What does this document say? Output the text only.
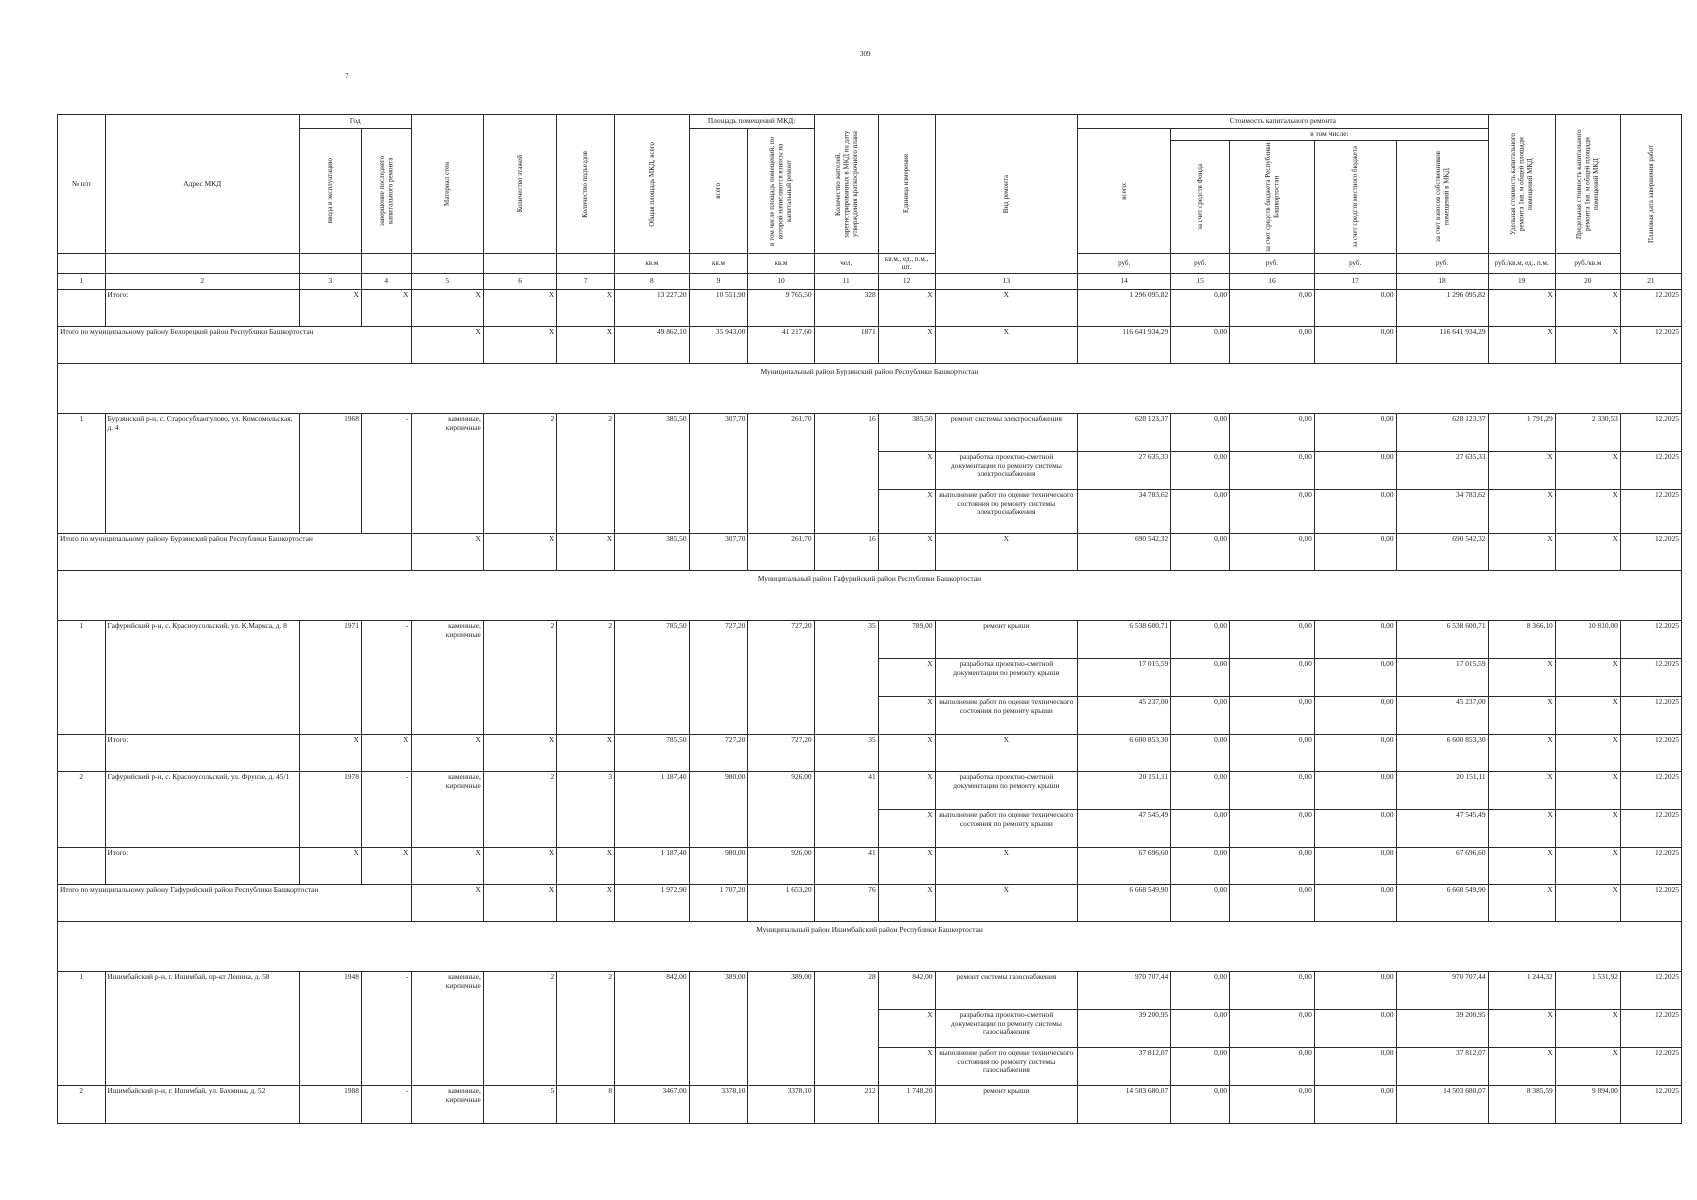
309
7
№ п/п	Адрес МКД	Год		Материал стен	Количество этажей	Количество подъездов	Общая площадь МКД, всего	Площадь помещений МКД:		Количество жителей, зарегистрированных в МКД на дату утверждения краткосрочного плана	Единица измерения	Вид ремонта	Стоимость капитального ремонта					Удельная стоимость капитального ремонта 1кв. м общей площади помещений МКД	Предельная стоимость капитального ремонта 1кв. м общей площади помещений МКД	Плановая дата завершения работ

		ввода в эксплуатацию	завершение последнего капитального ремонта					всего	в том числе площадь помещений, по которой начисляются взносы на капитальный ремонт				всего:	в том числе:						

														за счет средств Фонда	за счет средств бюджета Республики Башкортостан	за счет средств местного бюджета	за счет взносов собственников помещений в МКД			

							кв.м	кв.м	кв.м	чел.	кв.м., ед., п.м., шт.		руб.	руб.	руб.	руб.	руб.	руб./кв.м, ед., п.м.	руб./кв.м	
1	2	3	4	5	6	7	8	9	10	11	12	13	14	15	16	17	18	19	20	21
	Итого:	X	X	X	X	X	13 227,20	10 551,90	9 765,50	328	X	X	1 296 095,82	0,00	0,00	0,00	1 296 095,82	X	X	12.2025
Итого по муниципальному району Белорецкий район Республики Башкортостан				X	X	X	49 862,10	35 943,00	41 217,60	1871	X	X	116 641 934,29	0,00	0,00	0,00	116 641 934,29	X	X	12.2025
Муниципальный район Бурзянский район Республики Башкортостан																				
1	Бурзянский р-н, с. Старосубхангулово, ул. Комсомольская, д. 4	1968	-	каменные, кирпичные	2	2	385,50	307,70	261,70	16	385,50	ремонт системы электроснабжения	628 123,37	0,00	0,00	0,00	628 123,37	1 791,29	2 330,53	12.2025
											X	разработка проектно-сметной документации по ремонту системы электроснабжения	27 635,33	0,00	0,00	0,00	27 635,33	X	X	12.2025
											X	выполнение работ по оценке технического состояния по ремонту системы электроснабжения	34 783,62	0,00	0,00	0,00	34 783,62	X	X	12.2025
Итого по муниципальному району Бурзянский район Республики Башкортостан				X	X	X	385,50	307,70	261,70	16	X	X	690 542,32	0,00	0,00	0,00	690 542,32	X	X	12.2025
Муниципальный район Гафурийский район Республики Башкортостан																				
1	Гафурийский р-н, с. Красноусольский, ул. К.Маркса, д. 8	1971	-	каменные, кирпичные	2	2	785,50	727,20	727,20	35	789,00	ремонт крыши	6 538 600,71	0,00	0,00	0,00	6 538 600,71	8 366,10	10 810,00	12.2025
											X	разработка проектно-сметной документации по ремонту крыши	17 015,59	0,00	0,00	0,00	17 015,59	X	X	12.2025
											X	выполнение работ по оценке технического состояния по ремонту крыши	45 237,00	0,00	0,00	0,00	45 237,00	X	X	12.2025
	Итого:	X	X	X	X	X	785,50	727,20	727,20	35	X	X	6 600 853,30	0,00	0,00	0,00	6 600 853,30	X	X	12.2025
2	Гафурийский р-н, с. Красноусольский, ул. Фрунзе, д. 45/1	1978	-	каменные, кирпичные	2	3	1 187,40	980,00	926,00	41	X	разработка проектно-сметной документации по ремонту крыши	20 151,11	0,00	0,00	0,00	20 151,11	X	X	12.2025
											X	выполнение работ по оценке технического состояния по ремонту крыши	47 545,49	0,00	0,00	0,00	47 545,49	X	X	12.2025
	Итого:	X	X	X	X	X	1 187,40	980,00	926,00	41	X	X	67 696,60	0,00	0,00	0,00	67 696,60	X	X	12.2025
Итого по муниципальному району Гафурийский район Республики Башкортостан				X	X	X	1 972,90	1 707,20	1 653,20	76	X	X	6 668 549,90	0,00	0,00	0,00	6 668 549,90	X	X	12.2025
Муниципальный район Ишимбайский район Республики Башкортостан																				
1	Ишимбайский р-н, г. Ишимбай, пр-кт Ленина, д. 58	1948	-	каменные, кирпичные	2	2	842,00	389,00	389,00	28	842,00	ремонт системы газоснабжения	970 707,44	0,00	0,00	0,00	970 707,44	1 244,32	1 531,92	12.2025
											X	разработка проектно-сметной документации по ремонту системы газоснабжения	39 200,95	0,00	0,00	0,00	39 200,95	X	X	12.2025
											X	выполнение работ по оценке технического состояния по ремонту системы газоснабжения	37 812,07	0,00	0,00	0,00	37 812,07	X	X	12.2025
2	Ишимбайский р-н, г. Ишимбай, ул. Бахмина, д. 52	1988	-	каменные, кирпичные	5	8	3467,00	3378,10	3378,10	212	1 748,20	ремонт крыши	14 503 680,07	0,00	0,00	0,00	14 503 680,07	8 385,59	9 894,00	12.2025
